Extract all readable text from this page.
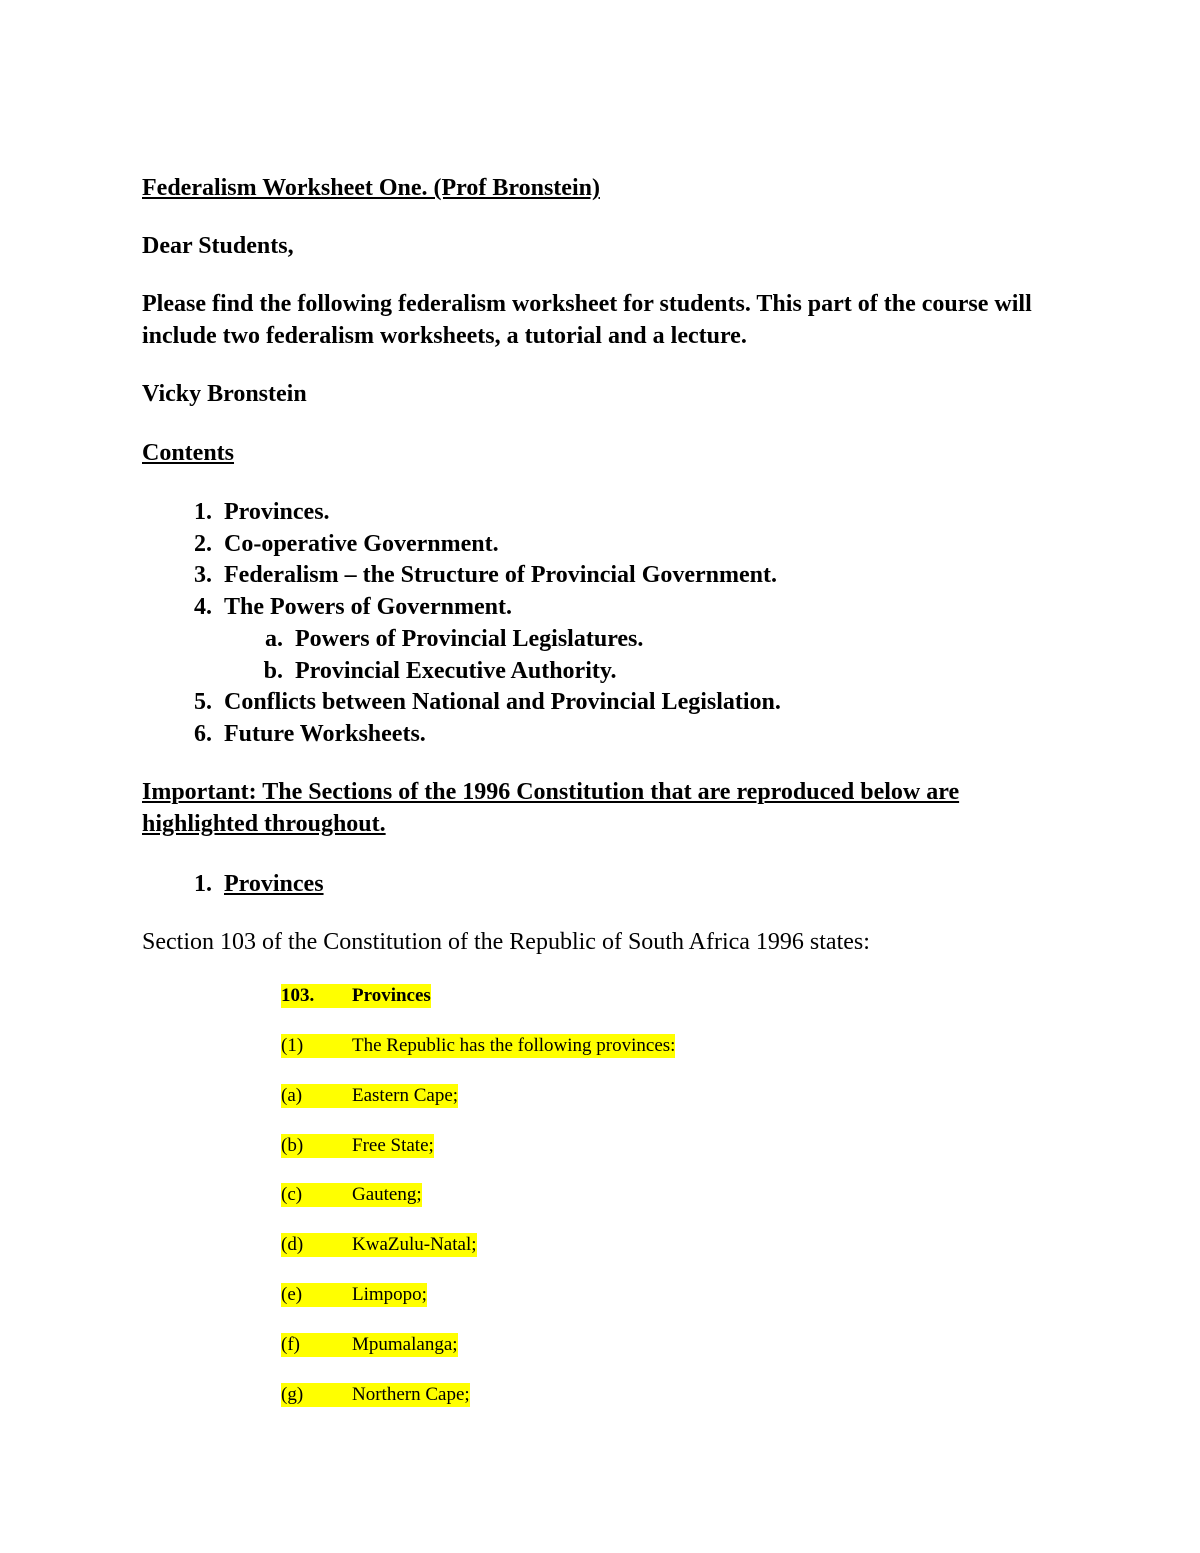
Federalism Worksheet One. (Prof Bronstein)
Dear Students,
Please find the following federalism worksheet for students. This part of the course will include two federalism worksheets, a tutorial and a lecture.
Vicky Bronstein
Contents
1. Provinces.
2. Co-operative Government.
3. Federalism – the Structure of Provincial Government.
4. The Powers of Government.
a. Powers of Provincial Legislatures.
b. Provincial Executive Authority.
5. Conflicts between National and Provincial Legislation.
6. Future Worksheets.
Important: The Sections of the 1996 Constitution that are reproduced below are highlighted throughout.
1. Provinces
Section 103 of the Constitution of the Republic of South Africa 1996 states:
103. Provinces
(1)	The Republic has the following provinces:
(a)	Eastern Cape;
(b)	Free State;
(c)	Gauteng;
(d)	KwaZulu-Natal;
(e)	Limpopo;
(f)	Mpumalanga;
(g)	Northern Cape;
